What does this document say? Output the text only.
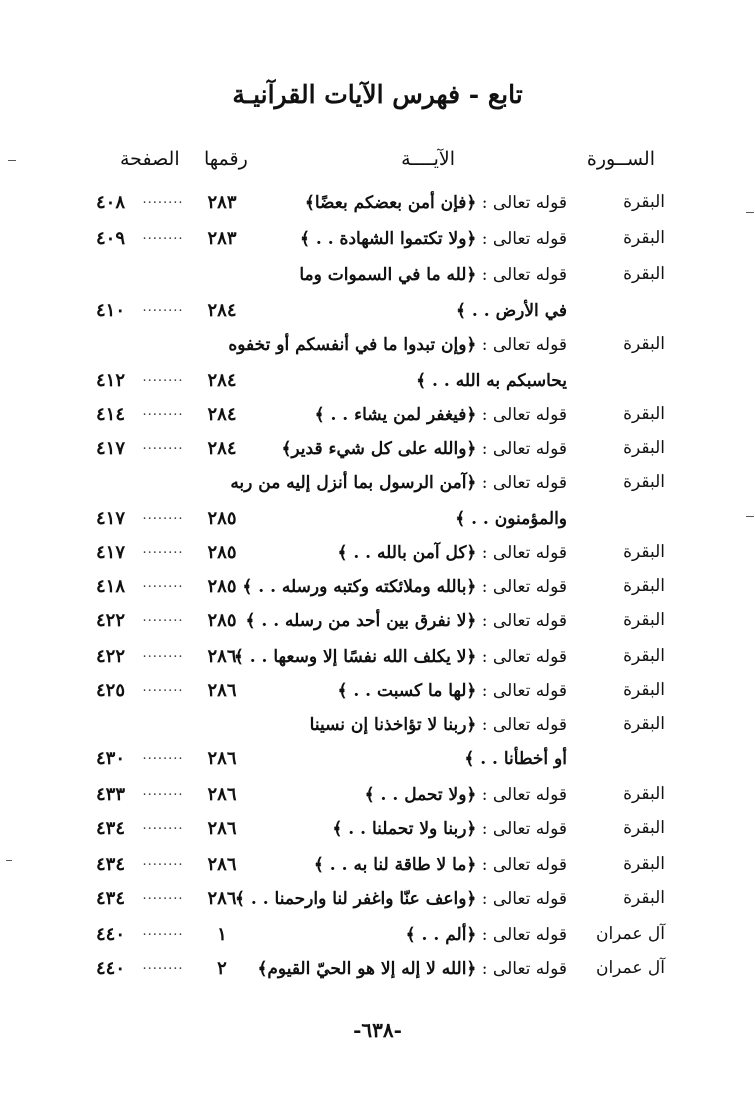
تابع - فهرس الآيات القرآنيـة
الســورة
الآيــــة
رقمها
الصفحة
البقرة
قوله تعالى : ﴿فإن أمن بعضكم بعضًا﴾
٢٨٣
........
٤٠٨
البقرة
قوله تعالى : ﴿ولا تكتموا الشهادة . . ﴾
٢٨٣
........
٤٠٩
البقرة
قوله تعالى : ﴿لله ما في السموات وما
في الأرض . . ﴾
٢٨٤
........
٤١٠
البقرة
قوله تعالى : ﴿وإن تبدوا ما في أنفسكم أو تخفوه
يحاسبكم به الله . . ﴾
٢٨٤
........
٤١٢
البقرة
قوله تعالى : ﴿فيغفر لمن يشاء . . ﴾
٢٨٤
........
٤١٤
البقرة
قوله تعالى : ﴿والله على كل شيء قدير﴾
٢٨٤
........
٤١٧
البقرة
قوله تعالى : ﴿آمن الرسول بما أنزل إليه من ربه
والمؤمنون . . ﴾
٢٨٥
........
٤١٧
البقرة
قوله تعالى : ﴿كل آمن بالله . . ﴾
٢٨٥
........
٤١٧
البقرة
قوله تعالى : ﴿بالله وملائكته وكتبه ورسله . . ﴾
٢٨٥
........
٤١٨
البقرة
قوله تعالى : ﴿لا نفرق بين أحد من رسله . . ﴾
٢٨٥
........
٤٢٢
البقرة
قوله تعالى : ﴿لا يكلف الله نفسًا إلا وسعها . . ﴾
٢٨٦
........
٤٢٢
البقرة
قوله تعالى : ﴿لها ما كسبت . . ﴾
٢٨٦
........
٤٢٥
البقرة
قوله تعالى : ﴿ربنا لا تؤاخذنا إن نسينا
أو أخطأنا . . ﴾
٢٨٦
........
٤٣٠
البقرة
قوله تعالى : ﴿ولا تحمل . . ﴾
٢٨٦
........
٤٣٣
البقرة
قوله تعالى : ﴿ربنا ولا تحملنا . . ﴾
٢٨٦
........
٤٣٤
البقرة
قوله تعالى : ﴿ما لا طاقة لنا به . . ﴾
٢٨٦
........
٤٣٤
البقرة
قوله تعالى : ﴿واعف عنّا واغفر لنا وارحمنا . . ﴾
٢٨٦
........
٤٣٤
آل عمران
قوله تعالى : ﴿ألم . . ﴾
١
........
٤٤٠
آل عمران
قوله تعالى : ﴿الله لا إله إلا هو الحيّ القيوم﴾
٢
........
٤٤٠
-٦٣٨-
